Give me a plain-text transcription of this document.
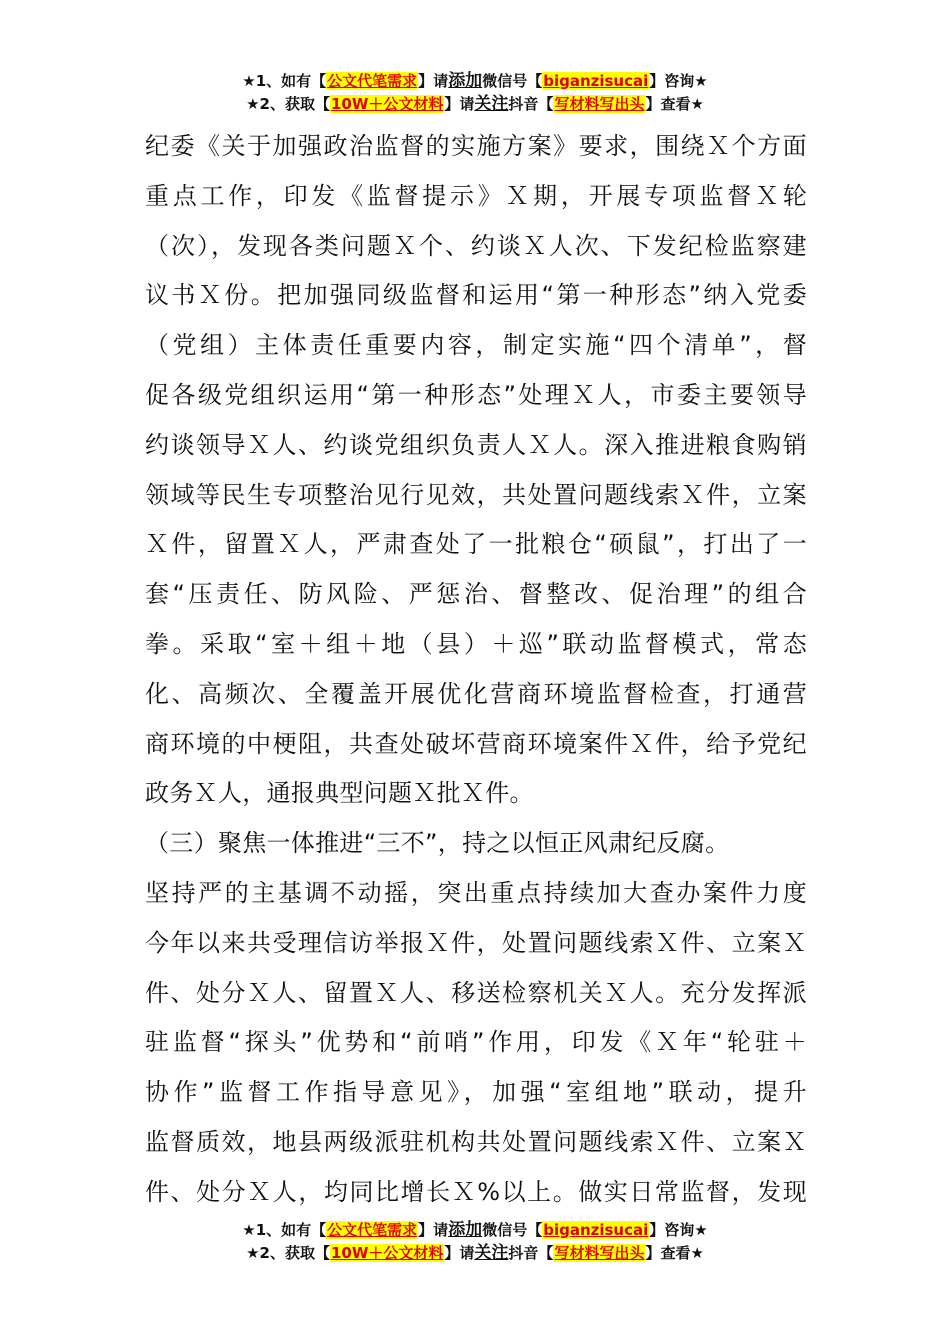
★1、如有【公文代笔需求】请添加微信号【biganzisucai】咨询★
★2、获取【10W＋公文材料】请关注抖音【写材料写出头】查看★
纪委《关于加强政治监督的实施方案》要求，围绕Ｘ个方面
重点工作，印发《监督提示》Ｘ期，开展专项监督Ｘ轮
（次），发现各类问题Ｘ个、约谈Ｘ人次、下发纪检监察建
议书Ｘ份。把加强同级监督和运用“第一种形态”纳入党委
（党组）主体责任重要内容，制定实施“四个清单”，督
促各级党组织运用“第一种形态”处理Ｘ人，市委主要领导
约谈领导Ｘ人、约谈党组织负责人Ｘ人。深入推进粮食购销
领域等民生专项整治见行见效，共处置问题线索Ｘ件，立案
Ｘ件，留置Ｘ人，严肃查处了一批粮仓“硕鼠”，打出了一
套“压责任、防风险、严惩治、督整改、促治理”的组合
拳。采取“室＋组＋地（县）＋巡”联动监督模式，常态
化、高频次、全覆盖开展优化营商环境监督检查，打通营
商环境的中梗阻，共查处破坏营商环境案件Ｘ件，给予党纪
政务Ｘ人，通报典型问题Ｘ批Ｘ件。
（三）聚焦一体推进“三不”，持之以恒正风肃纪反腐。
坚持严的主基调不动摇，突出重点持续加大查办案件力度
今年以来共受理信访举报Ｘ件，处置问题线索Ｘ件、立案Ｘ
件、处分Ｘ人、留置Ｘ人、移送检察机关Ｘ人。充分发挥派
驻监督“探头”优势和“前哨”作用，印发《Ｘ年“轮驻＋
协作”监督工作指导意见》，加强“室组地”联动，提升
监督质效，地县两级派驻机构共处置问题线索Ｘ件、立案Ｘ
件、处分Ｘ人，均同比增长Ｘ%以上。做实日常监督，发现
★1、如有【公文代笔需求】请添加微信号【biganzisucai】咨询★
★2、获取【10W＋公文材料】请关注抖音【写材料写出头】查看★
